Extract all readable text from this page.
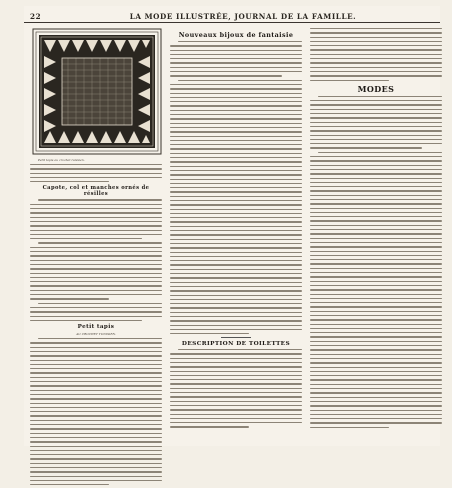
22	LA MODE ILLUSTRÉE, JOURNAL DE LA FAMILLE.
Petit tapis au crochet tunisien.
Capote, col et manches ornés de résilles
Petit tapis
AU CROCHET TUNISIEN.
Nouveaux bijoux de fantaisie
DESCRIPTION DE TOILETTES
MODES
